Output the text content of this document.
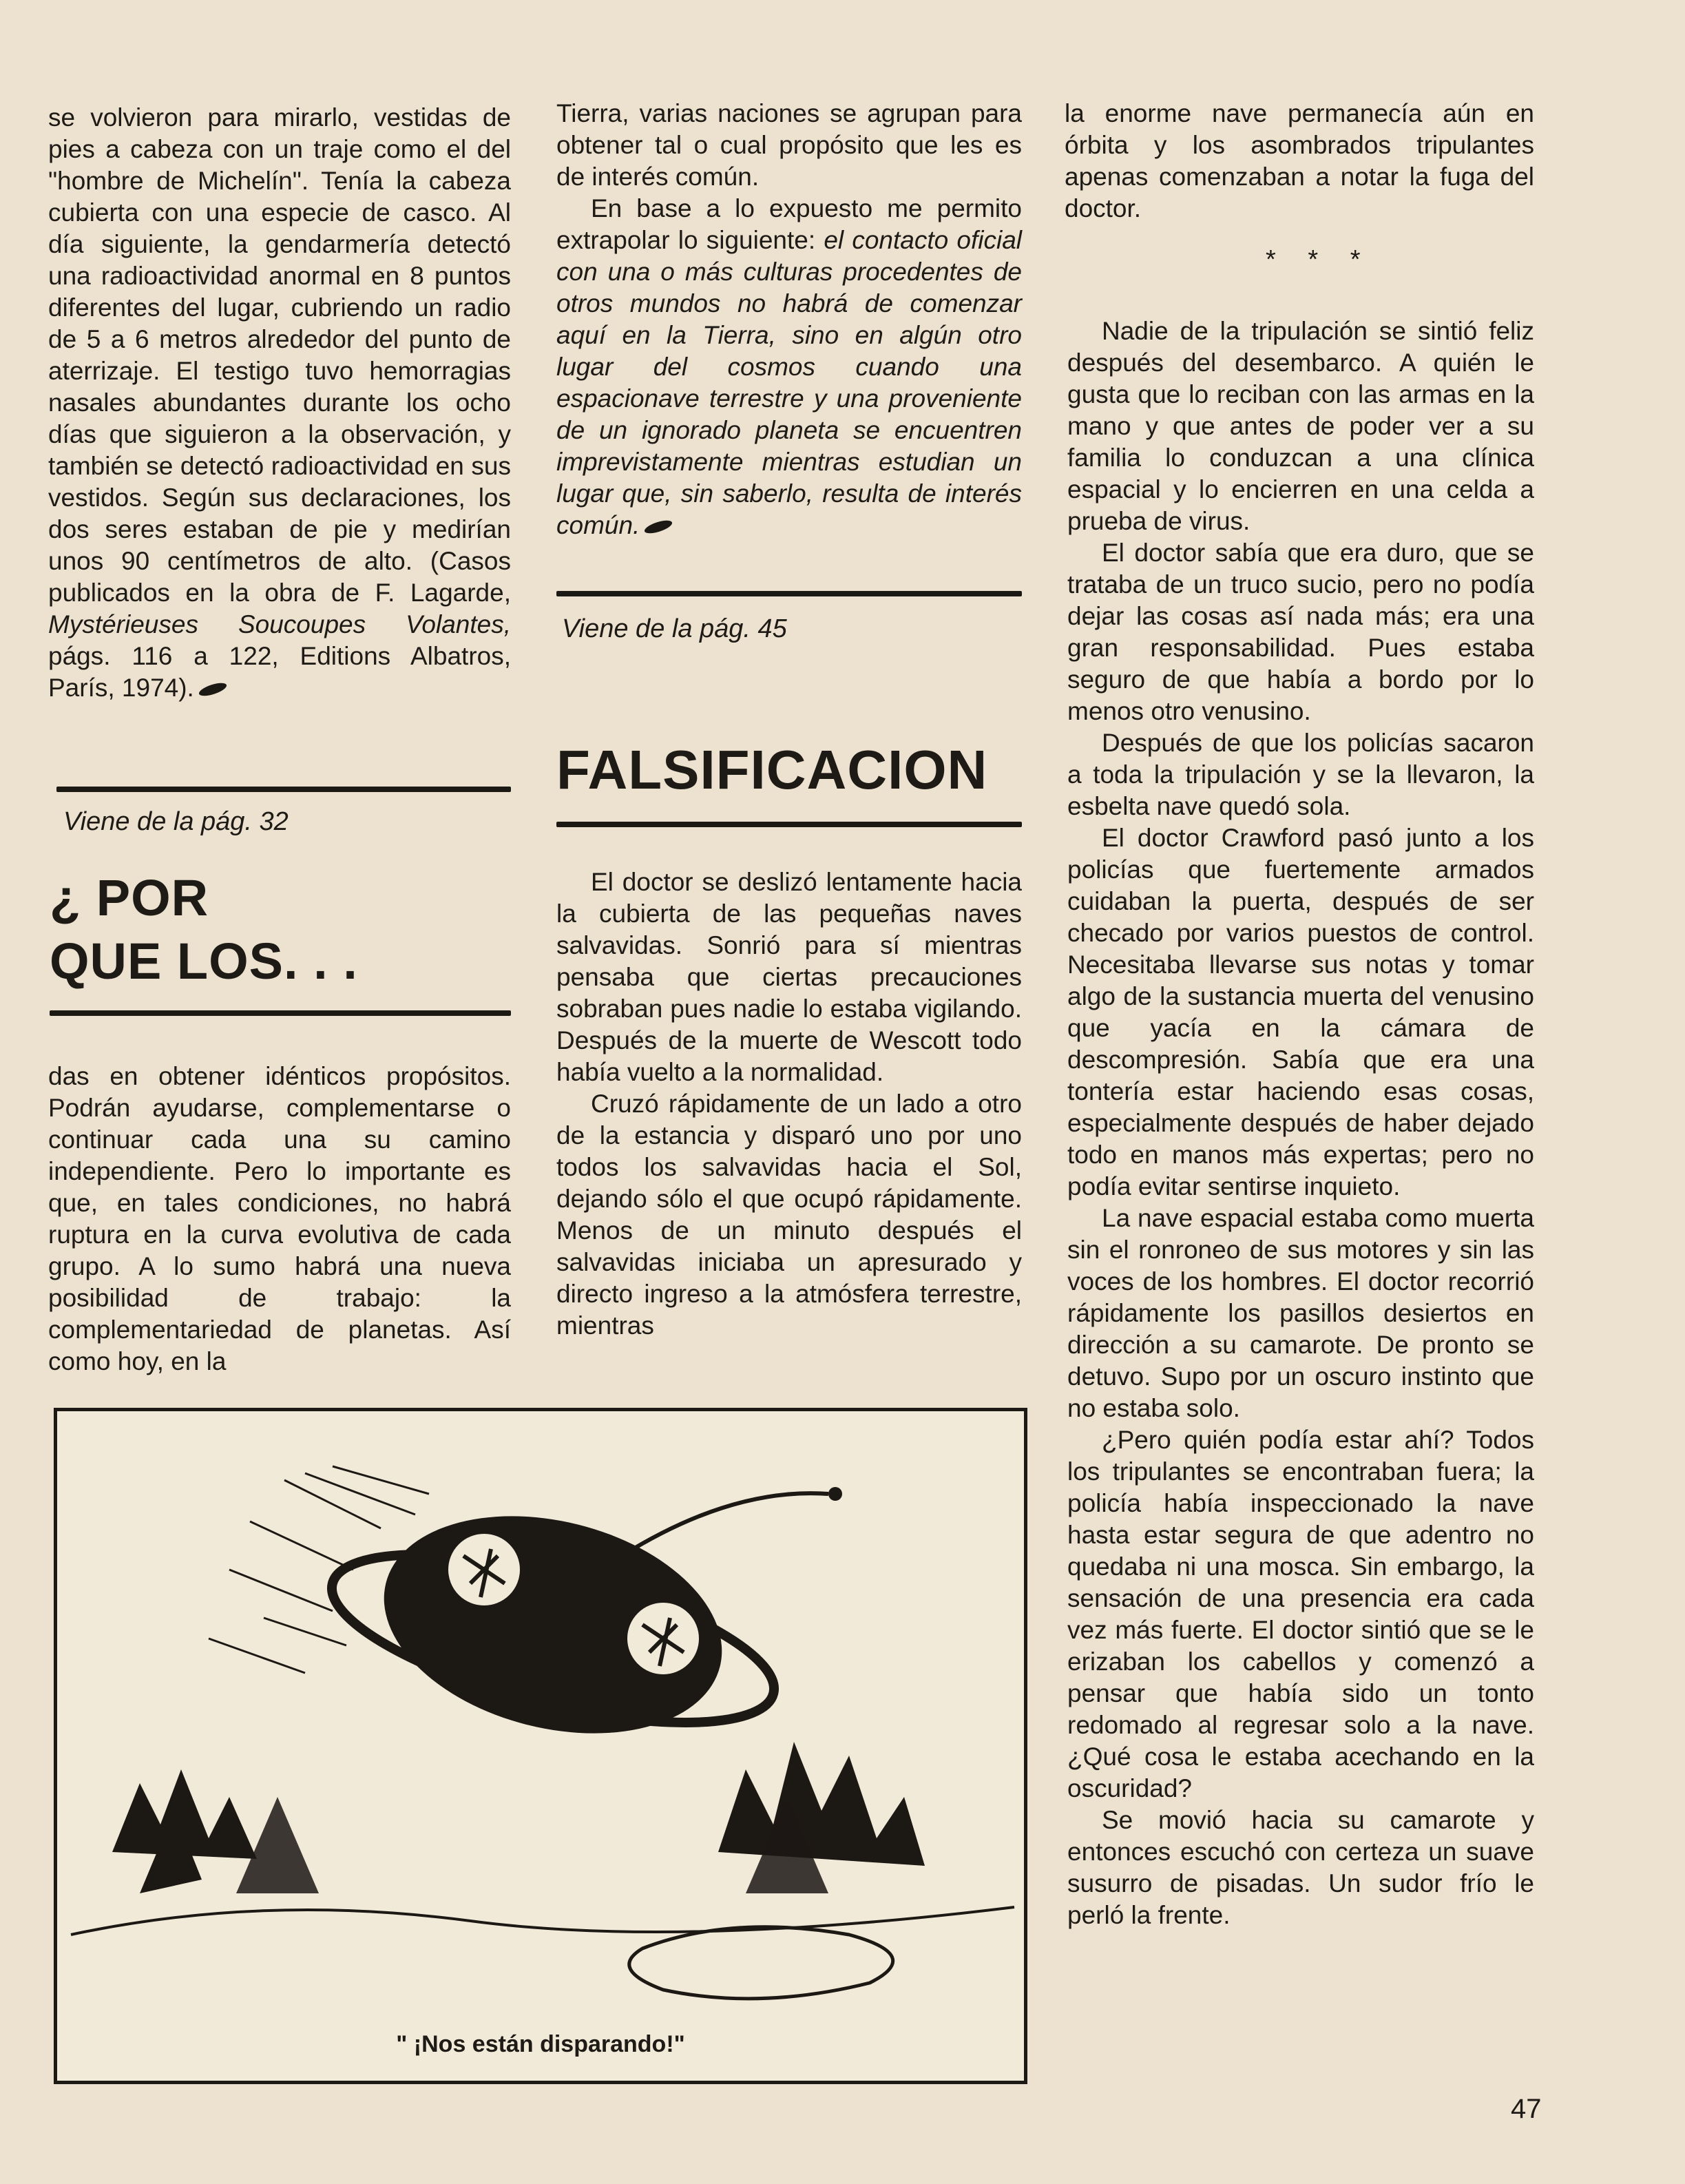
se volvieron para mirarlo, vestidas de pies a cabeza con un traje como el del "hombre de Michelín". Tenía la cabeza cubierta con una especie de casco. Al día siguiente, la gendarmería detectó una radioactividad anormal en 8 puntos diferentes del lugar, cubriendo un radio de 5 a 6 metros alrededor del punto de aterrizaje. El testigo tuvo hemorragias nasales abundantes durante los ocho días que siguieron a la observación, y también se detectó radioactividad en sus vestidos. Según sus declaraciones, los dos seres estaban de pie y medirían unos 90 centímetros de alto. (Casos publicados en la obra de F. Lagarde, Mystérieuses Soucoupes Volantes, págs. 116 a 122, Editions Albatros, París, 1974).

Viene de la pág. 32
¿ POR
QUE LOS. . .

das en obtener idénticos propósitos. Podrán ayudarse, complementarse o continuar cada una su camino independiente. Pero lo importante es que, en tales condiciones, no habrá ruptura en la curva evolutiva de cada grupo. A lo sumo habrá una nueva posibilidad de trabajo: la complementariedad de planetas. Así como hoy, en la

Tierra, varias naciones se agrupan para obtener tal o cual propósito que les es de interés común.

En base a lo expuesto me permito extrapolar lo siguiente: el contacto oficial con una o más culturas procedentes de otros mundos no habrá de comenzar aquí en la Tierra, sino en algún otro lugar del cosmos cuando una espacionave terrestre y una proveniente de un ignorado planeta se encuentren imprevistamente mientras estudian un lugar que, sin saberlo, resulta de interés común.

Viene de la pág. 45
FALSIFICACION

El doctor se deslizó lentamente hacia la cubierta de las pequeñas naves salvavidas. Sonrió para sí mientras pensaba que ciertas precauciones sobraban pues nadie lo estaba vigilando. Después de la muerte de Wescott todo había vuelto a la normalidad.

Cruzó rápidamente de un lado a otro de la estancia y disparó uno por uno todos los salvavidas hacia el Sol, dejando sólo el que ocupó rápidamente. Menos de un minuto después el salvavidas iniciaba un apresurado y directo ingreso a la atmósfera terrestre, mientras

la enorme nave permanecía aún en órbita y los asombrados tripulantes apenas comenzaban a notar la fuga del doctor.

* * *

Nadie de la tripulación se sintió feliz después del desembarco. A quién le gusta que lo reciban con las armas en la mano y que antes de poder ver a su familia lo conduzcan a una clínica espacial y lo encierren en una celda a prueba de virus.

El doctor sabía que era duro, que se trataba de un truco sucio, pero no podía dejar las cosas así nada más; era una gran responsabilidad. Pues estaba seguro de que había a bordo por lo menos otro venusino.

Después de que los policías sacaron a toda la tripulación y se la llevaron, la esbelta nave quedó sola.

El doctor Crawford pasó junto a los policías que fuertemente armados cuidaban la puerta, después de ser checado por varios puestos de control. Necesitaba llevarse sus notas y tomar algo de la sustancia muerta del venusino que yacía en la cámara de descompresión. Sabía que era una tontería estar haciendo esas cosas, especialmente después de haber dejado todo en manos más expertas; pero no podía evitar sentirse inquieto.

La nave espacial estaba como muerta sin el ronroneo de sus motores y sin las voces de los hombres. El doctor recorrió rápidamente los pasillos desiertos en dirección a su camarote. De pronto se detuvo. Supo por un oscuro instinto que no estaba solo.

¿Pero quién podía estar ahí? Todos los tripulantes se encontraban fuera; la policía había inspeccionado la nave hasta estar segura de que adentro no quedaba ni una mosca. Sin embargo, la sensación de una presencia era cada vez más fuerte. El doctor sintió que se le erizaban los cabellos y comenzó a pensar que había sido un tonto redomado al regresar solo a la nave. ¿Qué cosa le estaba acechando en la oscuridad?

Se movió hacia su camarote y entonces escuchó con certeza un suave susurro de pisadas. Un sudor frío le perló la frente.

" ¡Nos están disparando!"
47
